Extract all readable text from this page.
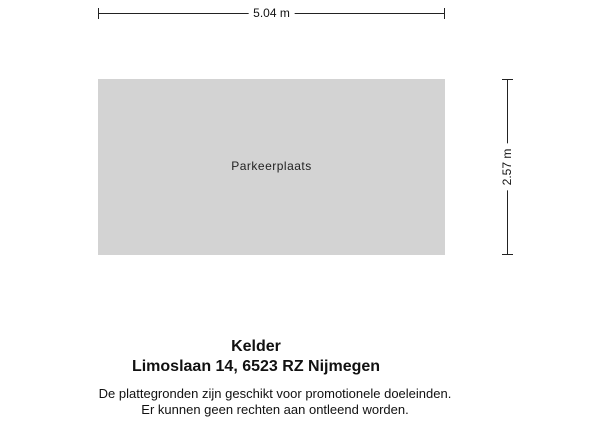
5.04 m
Parkeerplaats	2.57 m
Kelder
Limoslaan 14, 6523 RZ Nijmegen
De plattegronden zijn geschikt voor promotionele doeleinden.
Er kunnen geen rechten aan ontleend worden.
